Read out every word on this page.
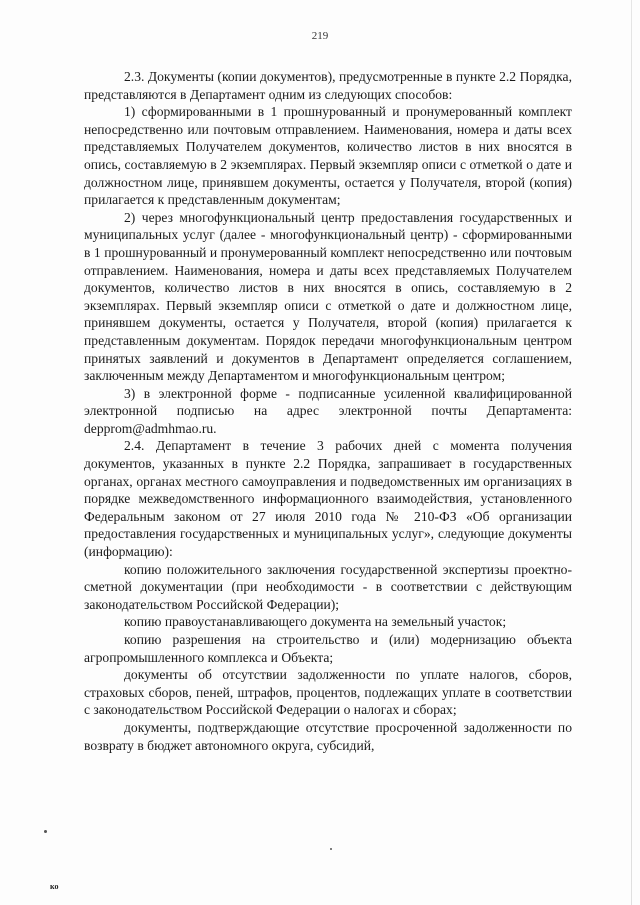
219

2.3. Документы (копии документов), предусмотренные в пункте 2.2 Порядка, представляются в Департамент одним из следующих способов:

1) сформированными в 1 прошнурованный и пронумерованный комплект непосредственно или почтовым отправлением. Наименования, номера и даты всех представляемых Получателем документов, количество листов в них вносятся в опись, составляемую в 2 экземплярах. Первый экземпляр описи с отметкой о дате и должностном лице, принявшем документы, остается у Получателя, второй (копия) прилагается к представленным документам;

2) через многофункциональный центр предоставления государственных и муниципальных услуг (далее - многофункциональный центр) - сформированными в 1 прошнурованный и пронумерованный комплект непосредственно или почтовым отправлением. Наименования, номера и даты всех представляемых Получателем документов, количество листов в них вносятся в опись, составляемую в 2 экземплярах. Первый экземпляр описи с отметкой о дате и должностном лице, принявшем документы, остается у Получателя, второй (копия) прилагается к представленным документам. Порядок передачи многофункциональным центром принятых заявлений и документов в Департамент определяется соглашением, заключенным между Департаментом и многофункциональным центром;

3) в электронной форме - подписанные усиленной квалифицированной электронной подписью на адрес электронной почты Департамента: depprom@admhmao.ru.

2.4. Департамент в течение 3 рабочих дней с момента получения документов, указанных в пункте 2.2 Порядка, запрашивает в государственных органах, органах местного самоуправления и подведомственных им организациях в порядке межведомственного информационного взаимодействия, установленного Федеральным законом от 27 июля 2010 года № 210-ФЗ «Об организации предоставления государственных и муниципальных услуг», следующие документы (информацию):

копию положительного заключения государственной экспертизы проектно-сметной документации (при необходимости - в соответствии с действующим законодательством Российской Федерации);

копию правоустанавливающего документа на земельный участок;

копию разрешения на строительство и (или) модернизацию объекта агропромышленного комплекса и Объекта;

документы об отсутствии задолженности по уплате налогов, сборов, страховых сборов, пеней, штрафов, процентов, подлежащих уплате в соответствии с законодательством Российской Федерации о налогах и сборах;

документы, подтверждающие отсутствие просроченной задолженности по возврату в бюджет автономного округа, субсидий,

ко
